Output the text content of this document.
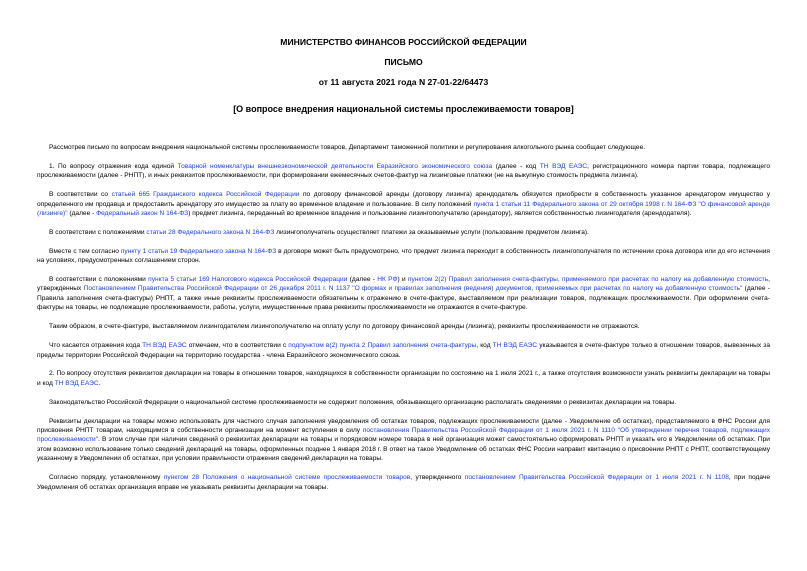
МИНИСТЕРСТВО ФИНАНСОВ РОССИЙСКОЙ ФЕДЕРАЦИИ
ПИСЬМО
от 11 августа 2021 года N 27-01-22/64473
[О вопросе внедрения национальной системы прослеживаемости товаров]

Рассмотрев письмо по вопросам внедрения национальной системы прослеживаемости товаров, Департамент таможенной политики и регулирования алкогольного рынка сообщает следующее.

1. По вопросу отражения кода единой Товарной номенклатуры внешнеэкономической деятельности Евразийского экономического союза (далее - код ТН ВЭД ЕАЭС, регистрационного номера партии товара, подлежащего прослеживаемости (далее - РНПТ), и иных реквизитов прослеживаемости, при формировании ежемесячных счетов-фактур на лизинговые платежи (не на выкупную стоимость предмета лизинга).

В соответствии со статьей 665 Гражданского кодекса Российской Федерации по договору финансовой аренды (договору лизинга) арендодатель обязуется приобрести в собственность указанное арендатором имущество у определенного им продавца и предоставить арендатору это имущество за плату во временное владение и пользование. В силу положений пункта 1 статьи 11 Федерального закона от 29 октября 1998 г. N 164-ФЗ "О финансовой аренде (лизинге)" (далее - Федеральный закон N 164-ФЗ) предмет лизинга, переданный во временное владение и пользование лизингополучателю (арендатору), является собственностью лизингодателя (арендодателя).

В соответствии с положениями статьи 28 Федерального закона N 164-ФЗ лизингополучатель осуществляет платежи за оказываемые услуги (пользование предметом лизинга).

Вместе с тем согласно пункту 1 статьи 19 Федерального закона N 164-ФЗ в договоре может быть предусмотрено, что предмет лизинга переходит в собственность лизингополучателя по истечении срока договора или до его истечения на условиях, предусмотренных соглашением сторон.

В соответствии с положениями пункта 5 статьи 169 Налогового кодекса Российской Федерации (далее - НК РФ) и пунктом 2(2) Правил заполнения счета-фактуры, применяемого при расчетах по налогу на добавленную стоимость, утвержденных Постановлением Правительства Российской Федерации от 26 декабря 2011 г. N 1137 "О формах и правилах заполнения (ведения) документов, применяемых при расчетах по налогу на добавленную стоимость" (далее - Правила заполнения счета-фактуры) РНПТ, а также иные реквизиты прослеживаемости обязательны к отражению в счете-фактуре, выставляемом при реализации товаров, подлежащих прослеживаемости. При оформлении счета-фактуры на товары, не подлежащие прослеживаемости, работы, услуги, имущественные права реквизиты прослеживаемости не отражаются в счете-фактуре.

Таким образом, в счете-фактуре, выставляемом лизингодателем лизингополучателю на оплату услуг по договору финансовой аренды (лизинга), реквизиты прослеживаемости не отражаются.

Что касается отражения кода ТН ВЭД ЕАЭС отмечаем, что в соответствии с подпунктом в(2) пункта 2 Правил заполнения счета-фактуры, код ТН ВЭД ЕАЭС указывается в счете-фактуре только в отношении товаров, вывезенных за пределы территории Российской Федерации на территорию государства - члена Евразийского экономического союза.

2. По вопросу отсутствия реквизитов декларации на товары в отношении товаров, находящихся в собственности организации по состоянию на 1 июля 2021 г., а также отсутствия возможности узнать реквизиты декларации на товары и код ТН ВЭД ЕАЭС.

Законодательство Российской Федерации о национальной системе прослеживаемости не содержит положения, обязывающего организацию располагать сведениями о реквизитах декларации на товары.

Реквизиты декларации на товары можно использовать для частного случая заполнения уведомления об остатках товаров, подлежащих прослеживаемости (далее - Уведомление об остатках), представляемого в ФНС России для присвоения РНПТ товарам, находящимся в собственности организации на момент вступления в силу постановления Правительства Российской Федерации от 1 июля 2021 г. N 1110 "Об утверждении перечня товаров, подлежащих прослеживаемости". В этом случае при наличии сведений о реквизитах декларации на товары и порядковом номере товара в ней организация может самостоятельно сформировать РНПТ и указать его в Уведомлении об остатках. При этом возможно использование только сведений деклараций на товары, оформленных позднее 1 января 2018 г. В ответ на такое Уведомление об остатках ФНС России направит квитанцию о присвоении РНПТ с РНПТ, соответствующему указанному в Уведомлении об остатках, при условии правильности отражения сведений декларации на товары.

Согласно порядку, установленному пунктом 28 Положения о национальной системе прослеживаемости товаров, утвержденного постановлением Правительства Российской Федерации от 1 июля 2021 г. N 1108, при подаче Уведомления об остатках организация вправе не указывать реквизиты декларации на товары.
